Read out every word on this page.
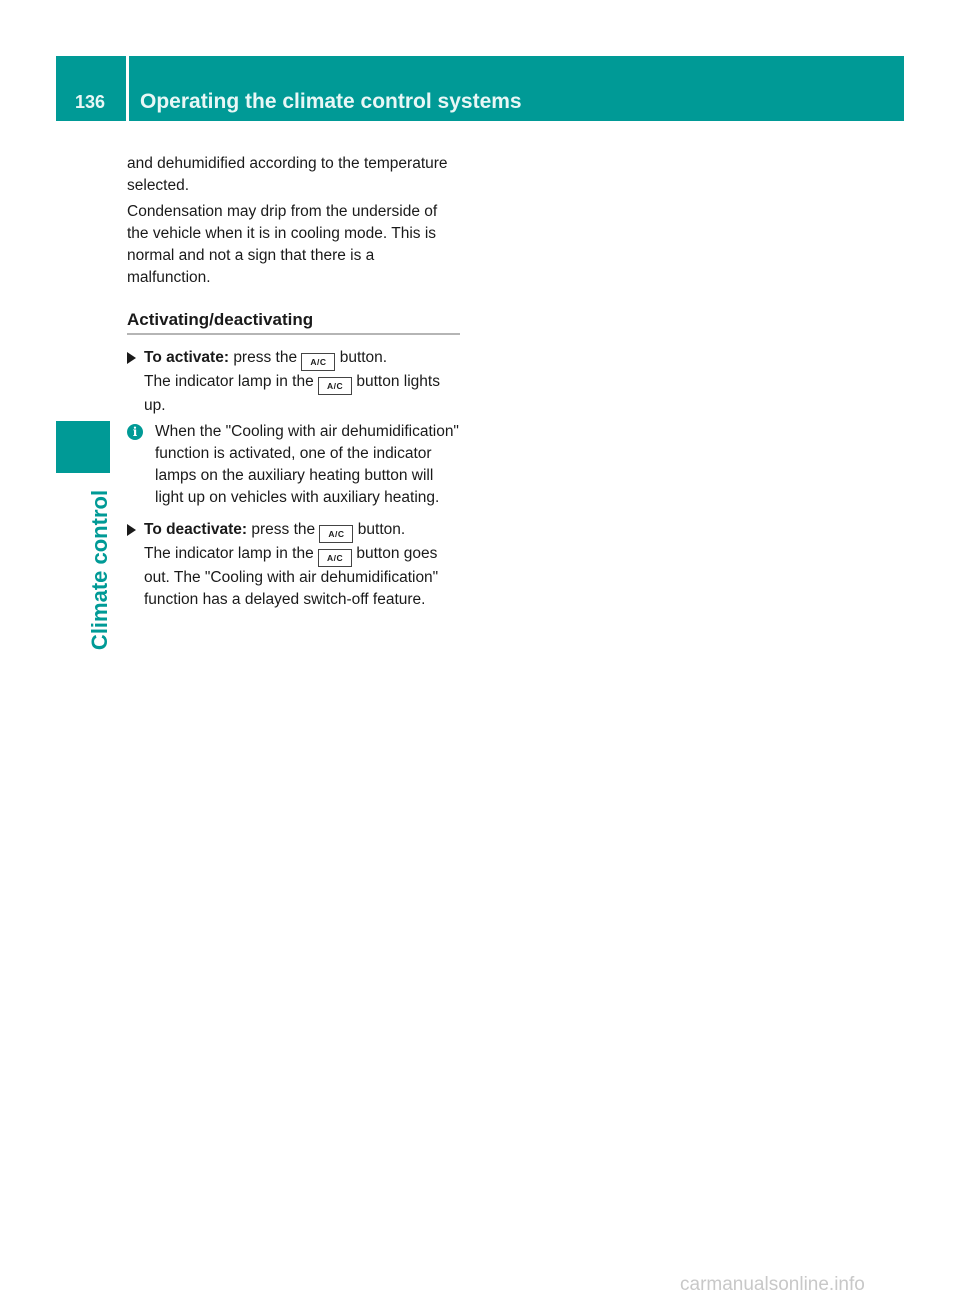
136	Operating the climate control systems
Climate control

and dehumidified according to the temperature selected.

Condensation may drip from the underside of the vehicle when it is in cooling mode. This is normal and not a sign that there is a malfunction.

Activating/deactivating
To activate: press the A/C button.
The indicator lamp in the A/C button lights up.
i	When the "Cooling with air dehumidification" function is activated, one of the indicator lamps on the auxiliary heating button will light up on vehicles with auxiliary heating.
To deactivate: press the A/C button.
The indicator lamp in the A/C button goes out. The "Cooling with air dehumidification" function has a delayed switch-off feature.
carmanualsonline.info
